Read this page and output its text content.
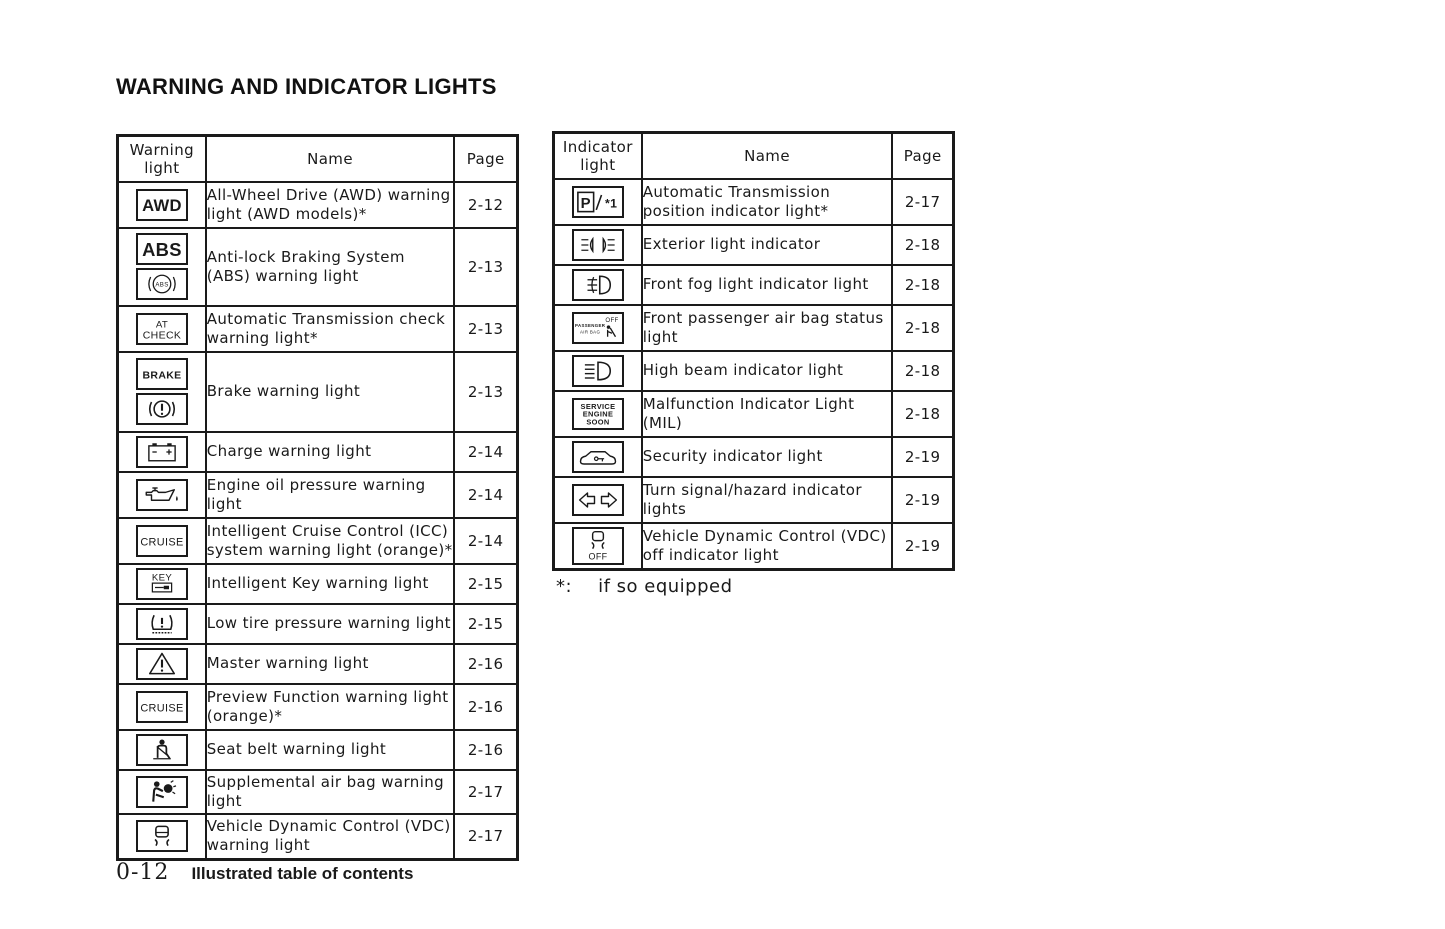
WARNING AND INDICATOR LIGHTS
Warning light	Name	Page

AWD	All-Wheel Drive (AWD) warning light (AWD models)*	2-12

ABS
ABS	Anti-lock Braking System (ABS) warning light	2-13

AT
CHECK	Automatic Transmission check warning light*	2-13

BRAKE	Brake warning light	2-13

	Charge warning light	2-14

	Engine oil pressure warning light	2-14

CRUISE	Intelligent Cruise Control (ICC) system warning light (orange)*	2-14

KEY	Intelligent Key warning light	2-15

	Low tire pressure warning light	2-15

	Master warning light	2-16

CRUISE	Preview Function warning light (orange)*	2-16

	Seat belt warning light	2-16

	Supplemental air bag warning light	2-17

	Vehicle Dynamic Control (VDC) warning light	2-17
Indicator light	Name	Page

P *1	Automatic Transmission position indicator light*	2-17

	Exterior light indicator	2-18

	Front fog light indicator light	2-18

PASSENGER
AIR BAG
OFF	Front passenger air bag status light	2-18

	High beam indicator light	2-18

SERVICE
ENGINE
SOON	Malfunction Indicator Light (MIL)	2-18

	Security indicator light	2-19

	Turn signal/hazard indicator lights	2-19

OFF	Vehicle Dynamic Control (VDC) off indicator light	2-19
*: if so equipped
0-12 Illustrated table of contents
